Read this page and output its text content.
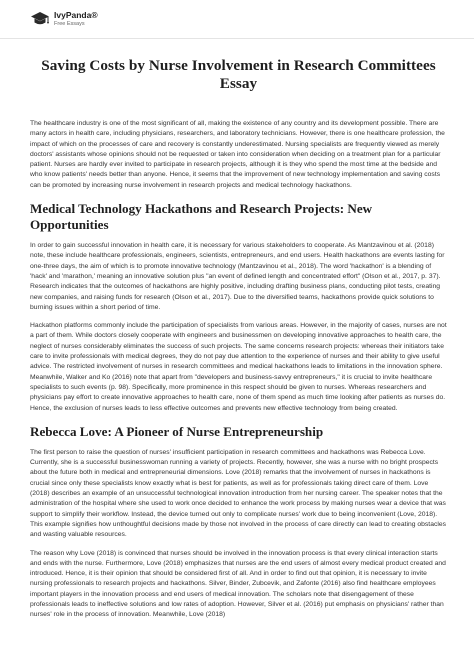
IvyPanda®
Free Essays
Saving Costs by Nurse Involvement in Research Committees Essay

The healthcare industry is one of the most significant of all, making the existence of any country and its development possible. There are many actors in health care, including physicians, researchers, and laboratory technicians. However, there is one healthcare profession, the impact of which on the processes of care and recovery is constantly underestimated. Nursing specialists are frequently viewed as merely doctors' assistants whose opinions should not be requested or taken into consideration when deciding on a treatment plan for a particular patient. Nurses are hardly ever invited to participate in research projects, although it is they who spend the most time at the bedside and who know patients' needs better than anyone. Hence, it seems that the improvement of new technology implementation and saving costs can be promoted by increasing nurse involvement in research projects and medical technology hackathons.

Medical Technology Hackathons and Research Projects: New Opportunities

In order to gain successful innovation in health care, it is necessary for various stakeholders to cooperate. As Mantzavinou et al. (2018) note, these include healthcare professionals, engineers, scientists, entrepreneurs, and end users. Health hackathons are events lasting for one-three days, the aim of which is to promote innovative technology (Mantzavinou et al., 2018). The word 'hackathon' is a blending of 'hack' and 'marathon,' meaning an innovative solution plus "an event of defined length and concentrated effort" (Olson et al., 2017, p. 37). Research indicates that the outcomes of hackathons are highly positive, including drafting business plans, conducting pilot tests, creating new companies, and raising funds for research (Olson et al., 2017). Due to the diversified teams, hackathons provide quick solutions to burning issues within a short period of time.

Hackathon platforms commonly include the participation of specialists from various areas. However, in the majority of cases, nurses are not a part of them. While doctors closely cooperate with engineers and businessmen on developing innovative approaches to health care, the neglect of nurses considerably eliminates the success of such projects. The same concerns research projects: whereas their initiators take care to invite professionals with medical degrees, they do not pay due attention to the experience of nurses and their ability to give useful advice. The restricted involvement of nurses in research committees and medical hackathons leads to limitations in the innovation sphere. Meanwhile, Walker and Ko (2016) note that apart from "developers and business-savvy entrepreneurs," it is crucial to invite healthcare specialists to such events (p. 98). Specifically, more prominence in this respect should be given to nurses. Whereas researchers and physicians pay effort to create innovative approaches to health care, none of them spend as much time looking after patients as nurses do. Hence, the exclusion of nurses leads to less effective outcomes and prevents new effective technology from being created.

Rebecca Love: A Pioneer of Nurse Entrepreneurship

The first person to raise the question of nurses' insufficient participation in research committees and hackathons was Rebecca Love. Currently, she is a successful businesswoman running a variety of projects. Recently, however, she was a nurse with no bright prospects about the future both in medical and entrepreneurial dimensions. Love (2018) remarks that the involvement of nurses in hackathons is crucial since only these specialists know exactly what is best for patients, as well as for professionals taking direct care of them. Love (2018) describes an example of an unsuccessful technological innovation introduction from her nursing career. The speaker notes that the administration of the hospital where she used to work once decided to enhance the work process by making nurses wear a device that was support to simplify their workflow. Instead, the device turned out only to complicate nurses' work due to being inconvenient (Love, 2018). This example signifies how unthoughtful decisions made by those not involved in the process of care directly can lead to creating obstacles and wasting valuable resources.

The reason why Love (2018) is convinced that nurses should be involved in the innovation process is that every clinical interaction starts and ends with the nurse. Furthermore, Love (2018) emphasizes that nurses are the end users of almost every medical product created and introduced. Hence, it is their opinion that should be considered first of all. And in order to find out that opinion, it is necessary to invite nursing professionals to research projects and hackathons. Silver, Binder, Zubcevik, and Zafonte (2016) also find healthcare employees important players in the innovation process and end users of medical innovation. The scholars note that disengagement of these professionals leads to ineffective solutions and low rates of adoption. However, Silver et al. (2016) put emphasis on physicians' rather than nurses' role in the process of innovation. Meanwhile, Love (2018)
